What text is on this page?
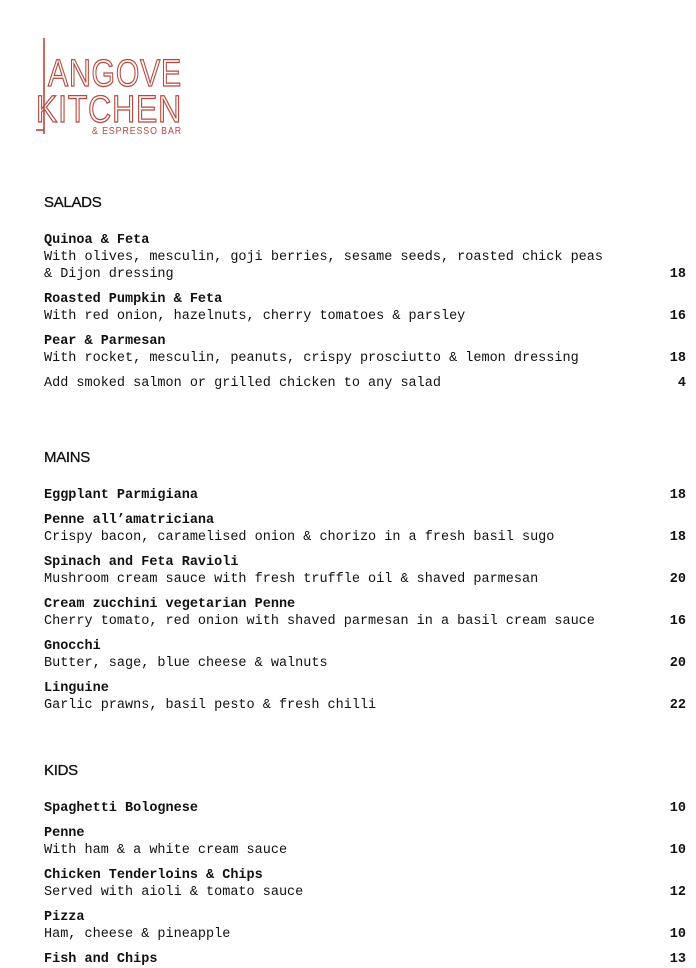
ANGOVE
KITCHEN
& ESPRESSO BAR
SALADS
Quinoa & Feta
With olives, mesculin, goji berries, sesame seeds, roasted chick peas
& Dijon dressing	18
Roasted Pumpkin & Feta
With red onion, hazelnuts, cherry tomatoes & parsley	16
Pear & Parmesan
With rocket, mesculin, peanuts, crispy prosciutto & lemon dressing	18
Add smoked salmon or grilled chicken to any salad	4
MAINS
Eggplant Parmigiana	18
Penne all’amatriciana
Crispy bacon, caramelised onion & chorizo in a fresh basil sugo	18
Spinach and Feta Ravioli
Mushroom cream sauce with fresh truffle oil & shaved parmesan	20
Cream zucchini vegetarian Penne
Cherry tomato, red onion with shaved parmesan in a basil cream sauce	16
Gnocchi
Butter, sage, blue cheese & walnuts	20
Linguine
Garlic prawns, basil pesto & fresh chilli	22
KIDS
Spaghetti Bolognese	10
Penne
With ham & a white cream sauce	10
Chicken Tenderloins & Chips
Served with aioli & tomato sauce	12
Pizza
Ham, cheese & pineapple	10
Fish and Chips	13
